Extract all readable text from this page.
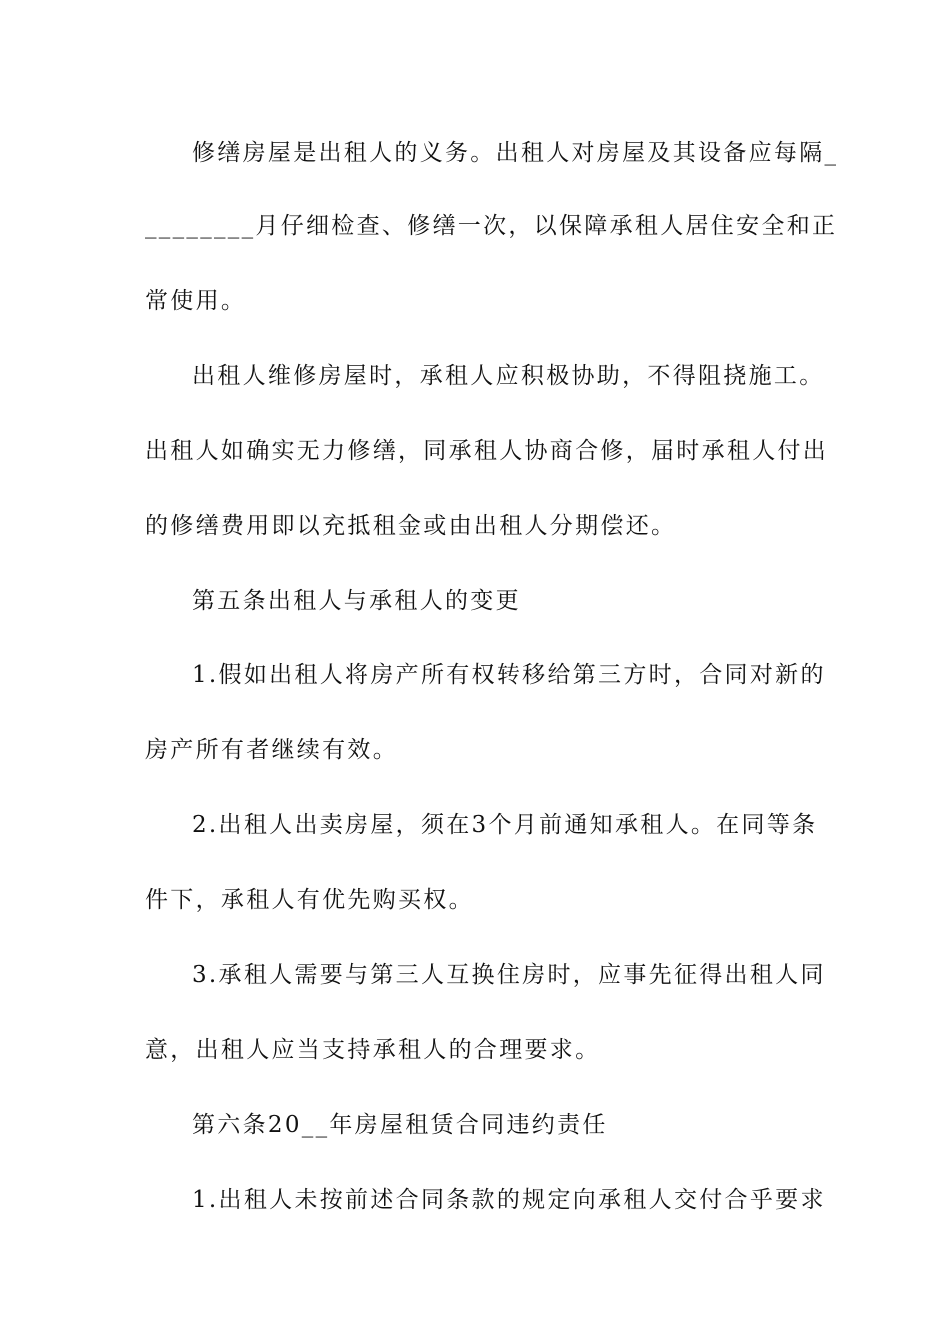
修缮房屋是出租人的义务。出租人对房屋及其设备应每隔_
________月仔细检查、修缮一次，以保障承租人居住安全和正
常使用。
出租人维修房屋时，承租人应积极协助，不得阻挠施工。
出租人如确实无力修缮，同承租人协商合修，届时承租人付出
的修缮费用即以充抵租金或由出租人分期偿还。
第五条出租人与承租人的变更
1.假如出租人将房产所有权转移给第三方时，合同对新的
房产所有者继续有效。
2.出租人出卖房屋，须在3个月前通知承租人。在同等条
件下，承租人有优先购买权。
3.承租人需要与第三人互换住房时，应事先征得出租人同
意，出租人应当支持承租人的合理要求。
第六条20__年房屋租赁合同违约责任
1.出租人未按前述合同条款的规定向承租人交付合乎要求
